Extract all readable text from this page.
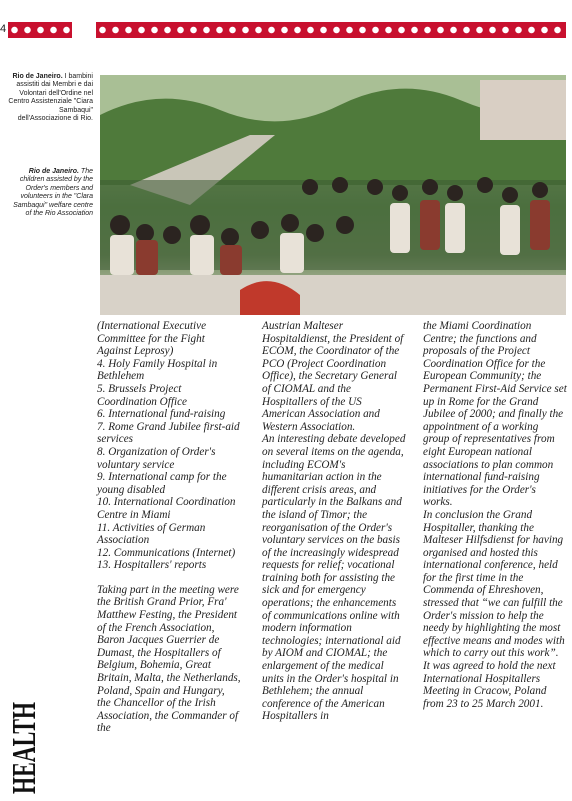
4
Rio de Janeiro. I bambini assistiti dai Membri e dai Volontari dell'Ordine nel Centro Assistenziale "Ciara Sambaqui" dell'Associazione di Rio.
Rio de Janeiro. The children assisted by the Order's members and volunteers in the "Clara Sambaqui" welfare centre of the Rio Association

(International Executive Committee for the Fight Against Leprosy)

4. Holy Family Hospital in Bethlehem

5. Brussels Project Coordination Office

6. International fund-raising

7. Rome Grand Jubilee first-aid services

8. Organization of Order's voluntary service

9. International camp for the young disabled

10. International Coordination Centre in Miami

11. Activities of German Association

12. Communications (Internet)

13. Hospitallers' reports

Taking part in the meeting were the British Grand Prior, Fra' Matthew Festing, the President of the French Association, Baron Jacques Guerrier de Dumast, the Hospitallers of Belgium, Bohemia, Great Britain, Malta, the Netherlands, Poland, Spain and Hungary, the Chancellor of the Irish Association, the Commander of the

Austrian Malteser Hospitaldienst, the President of ECOM, the Coordinator of the PCO (Project Coordination Office), the Secretary General of CIOMAL and the Hospitallers of the US American Association and Western Association.

An interesting debate developed on several items on the agenda, including ECOM's humanitarian action in the different crisis areas, and particularly in the Balkans and the island of Timor; the reorganisation of the Order's voluntary services on the basis of the increasingly widespread requests for relief; vocational training both for assisting the sick and for emergency operations; the enhancements of communications online with modern information technologies; international aid by AIOM and CIOMAL; the enlargement of the medical units in the Order's hospital in Bethlehem; the annual conference of the American Hospitallers in

the Miami Coordination Centre; the functions and proposals of the Project Coordination Office for the European Community; the Permanent First-Aid Service set up in Rome for the Grand Jubilee of 2000; and finally the appointment of a working group of representatives from eight European national associations to plan common international fund-raising initiatives for the Order's works.

In conclusion the Grand Hospitaller, thanking the Malteser Hilfsdienst for having organised and hosted this international conference, held for the first time in the Commenda of Ehreshoven, stressed that “we can fulfill the Order's mission to help the needy by highlighting the most effective means and modes with which to carry out this work”. It was agreed to hold the next International Hospitallers Meeting in Cracow, Poland from 23 to 25 March 2001.

HEALTH
